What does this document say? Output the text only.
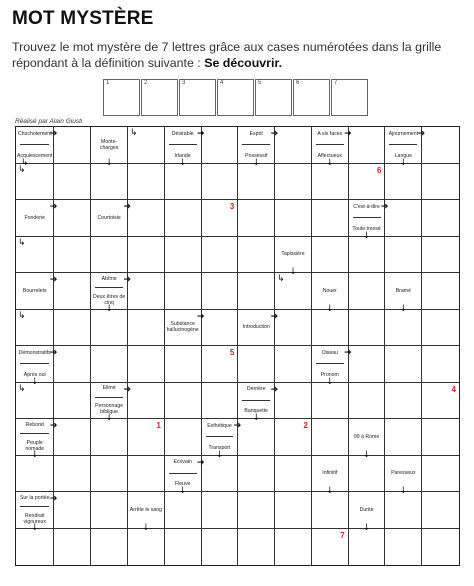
MOT MYSTÈRE
Trouvez le mot mystère de 7 lettres grâce aux cases numérotées dans la grille répondant à la définition suivante : Se découvrir.
1	2	3	4	5	6	7
Réalisé par Alain Giusti
Chuchotement
Acquiescement
➔
↳
Monte-charges
↓
↳	Désirable
Irlande
➔
↓
Esprit
Possessif
➔
↓
A six faces
Affectueux
➔
↓
Ajournement
Langue
➔
↓
↳	6
Fonderie
➔
Courtoisie
➔	3	C'est-à-dire
Toute tressé
➔
↓
↳
Tapissière
↓
Bourrelets
➔	Abîme
Deux êtres de cinq
➔
↓
↳
Nouer
↓
Bramé
↓
↳
Substance hallucinogène
➔
Introduction
➔
Démonstratifs
Après oui
➔
↓
5	Oiseau
Pronom
➔
↓
↳	Elimé
Personnage biblique
➔
↓
Derrière
Banquette
➔
↓
4
Rebond
Peuple nomade
➔
↓
1	Esthétique
Transport
➔
↓
2
99 à Rome
↓
Ecrivain
Fleuve
➔
↓
Infinitif
↓
Paresseux
↓
Sur la portée
Rendrait vigoureux
➔
↓
Arrête le sang
↓
Durite
↓
7
